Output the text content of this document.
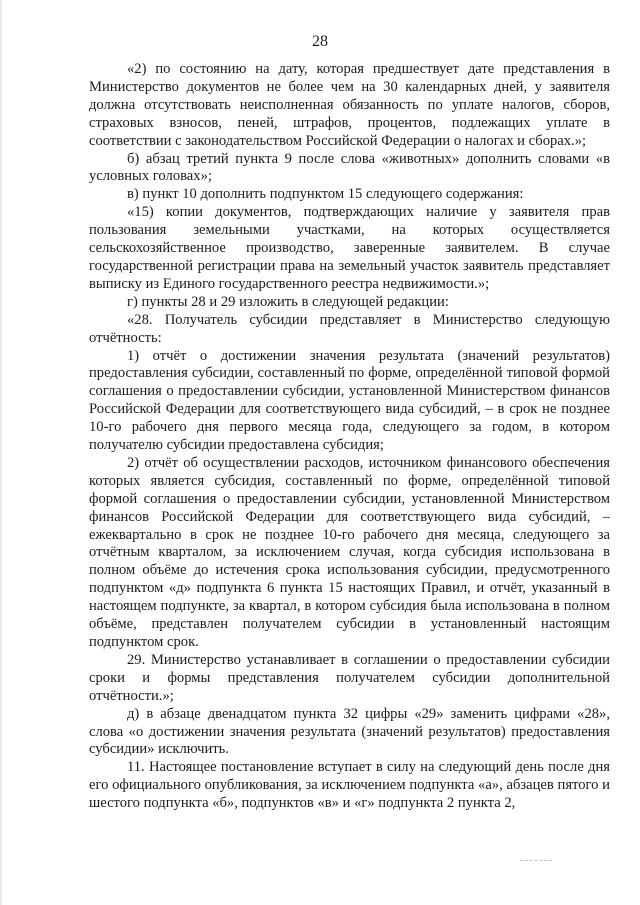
28

«2) по состоянию на дату, которая предшествует дате представления в Министерство документов не более чем на 30 календарных дней, у заявителя должна отсутствовать неисполненная обязанность по уплате налогов, сборов, страховых взносов, пеней, штрафов, процентов, подлежащих уплате в соответствии с законодательством Российской Федерации о налогах и сборах.»;

б) абзац третий пункта 9 после слова «животных» дополнить словами «в условных головах»;

в) пункт 10 дополнить подпунктом 15 следующего содержания:

«15) копии документов, подтверждающих наличие у заявителя прав пользования земельными участками, на которых осуществляется сельскохозяйственное производство, заверенные заявителем. В случае государственной регистрации права на земельный участок заявитель представляет выписку из Единого государственного реестра недвижимости.»;

г) пункты 28 и 29 изложить в следующей редакции:

«28. Получатель субсидии представляет в Министерство следующую отчётность:

1) отчёт о достижении значения результата (значений результатов) предоставления субсидии, составленный по форме, определённой типовой формой соглашения о предоставлении субсидии, установленной Министерством финансов Российской Федерации для соответствующего вида субсидий, – в срок не позднее 10-го рабочего дня первого месяца года, следующего за годом, в котором получателю субсидии предоставлена субсидия;

2) отчёт об осуществлении расходов, источником финансового обеспечения которых является субсидия, составленный по форме, определённой типовой формой соглашения о предоставлении субсидии, установленной Министерством финансов Российской Федерации для соответствующего вида субсидий, – ежеквартально в срок не позднее 10-го рабочего дня месяца, следующего за отчётным кварталом, за исключением случая, когда субсидия использована в полном объёме до истечения срока использования субсидии, предусмотренного подпунктом «д» подпункта 6 пункта 15 настоящих Правил, и отчёт, указанный в настоящем подпункте, за квартал, в котором субсидия была использована в полном объёме, представлен получателем субсидии в установленный настоящим подпунктом срок.

29. Министерство устанавливает в соглашении о предоставлении субсидии сроки и формы представления получателем субсидии дополнительной отчётности.»;

д) в абзаце двенадцатом пункта 32 цифры «29» заменить цифрами «28», слова «о достижении значения результата (значений результатов) предоставления субсидии» исключить.

11. Настоящее постановление вступает в силу на следующий день после дня его официального опубликования, за исключением подпункта «а», абзацев пятого и шестого подпункта «б», подпунктов «в» и «г» подпункта 2 пункта 2,
